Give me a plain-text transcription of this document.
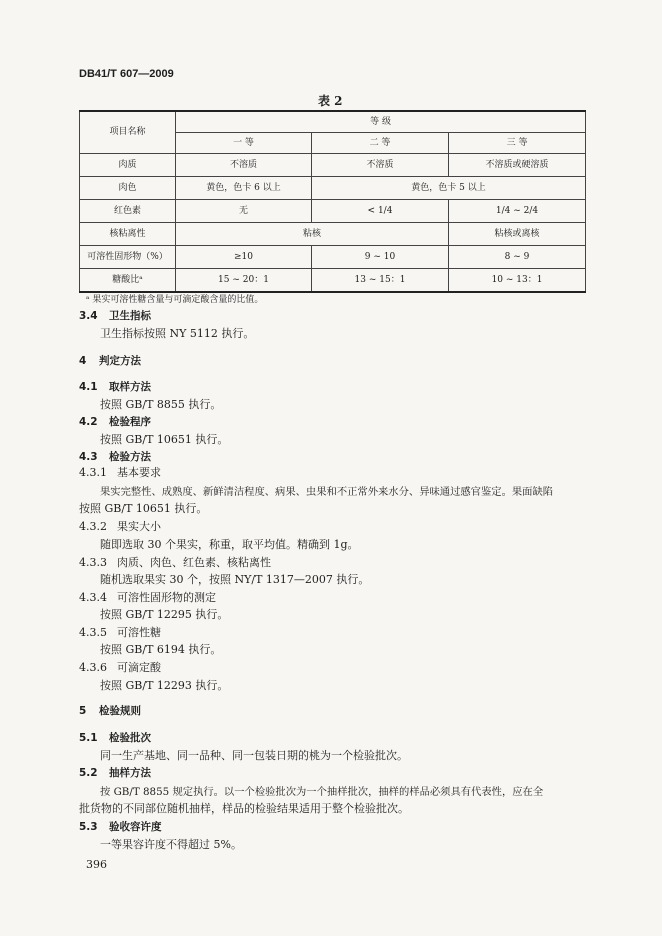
DB41/T 607—2009
表 2
项目名称	等 级		
	一 等	二 等	三 等
肉质	不溶质	不溶质	不溶质或硬溶质
肉色	黄色，色卡 6 以上	黄色，色卡 5 以上	
红色素	无	< 1/4	1/4 ~ 2/4
核粘离性	粘核		粘核或离核
可溶性固形物（%）	≥10	9 ~ 10	8 ~ 9
糖酸比ᵃ	15 ~ 20：1	13 ~ 15：1	10 ~ 13：1
ᵃ 果实可溶性糖含量与可滴定酸含量的比值。
3.4 卫生指标
卫生指标按照 NY 5112 执行。
4 判定方法
4.1 取样方法
按照 GB/T 8855 执行。
4.2 检验程序
按照 GB/T 10651 执行。
4.3 检验方法
4.3.1 基本要求
果实完整性、成熟度、新鲜清洁程度、病果、虫果和不正常外来水分、异味通过感官鉴定。果面缺陷
按照 GB/T 10651 执行。
4.3.2 果实大小
随即选取 30 个果实，称重，取平均值。精确到 1g。
4.3.3 肉质、肉色、红色素、核粘离性
随机选取果实 30 个，按照 NY/T 1317—2007 执行。
4.3.4 可溶性固形物的测定
按照 GB/T 12295 执行。
4.3.5 可溶性糖
按照 GB/T 6194 执行。
4.3.6 可滴定酸
按照 GB/T 12293 执行。
5 检验规则
5.1 检验批次
同一生产基地、同一品种、同一包装日期的桃为一个检验批次。
5.2 抽样方法
按 GB/T 8855 规定执行。以一个检验批次为一个抽样批次，抽样的样品必须具有代表性，应在全
批货物的不同部位随机抽样，样品的检验结果适用于整个检验批次。
5.3 验收容许度
一等果容许度不得超过 5%。
396
